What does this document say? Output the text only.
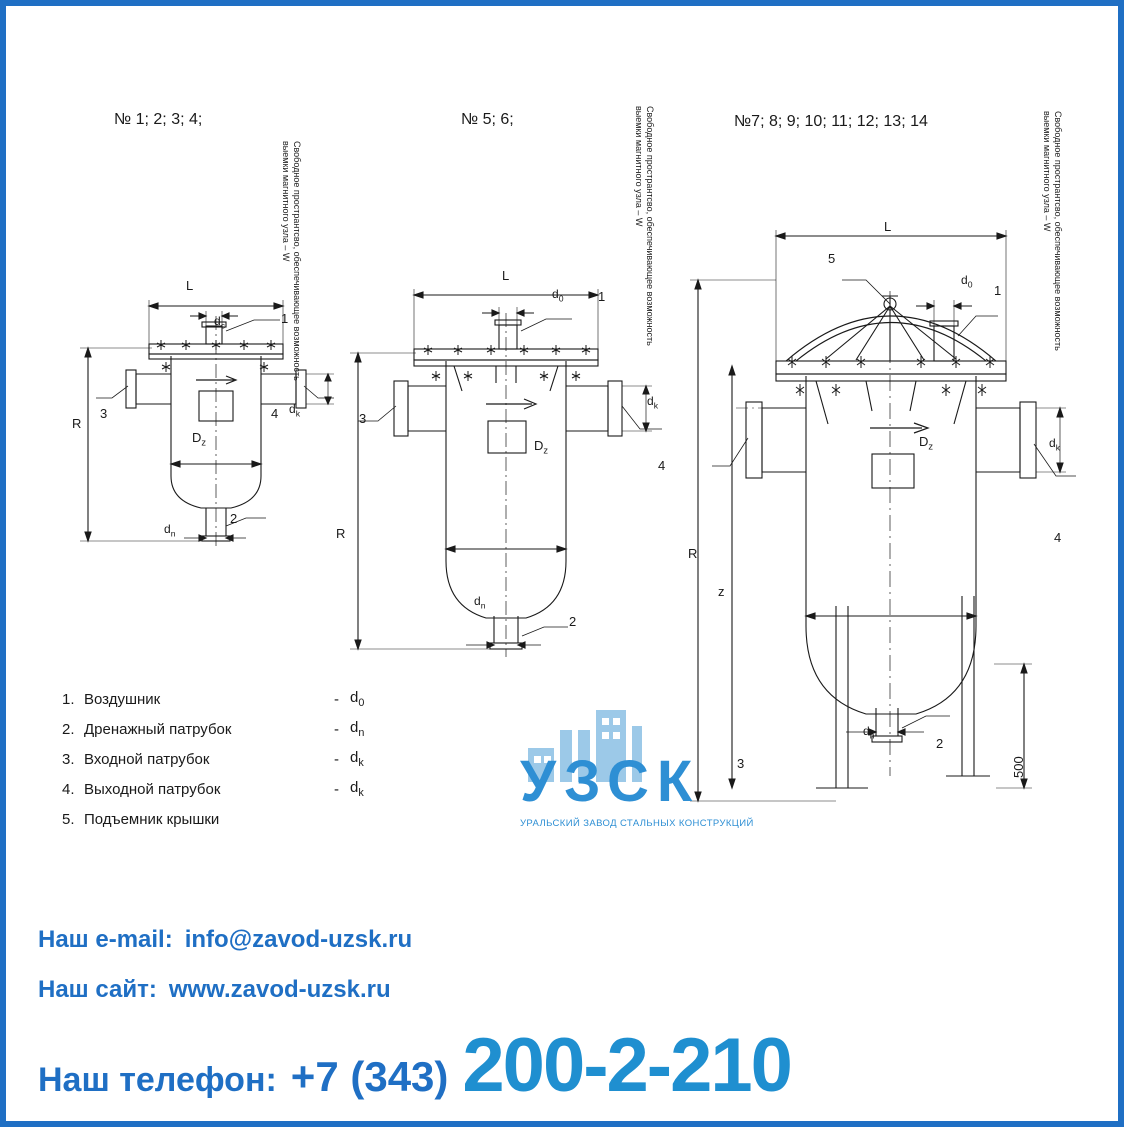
№ 1; 2; 3; 4;
L
R
$D_z$
$d_c$
$d_n$
$d_k$
1
2
3	4
Свободное пространтсво, обеспечивающее возможность выемки магнитного узла – W
№ 5; 6;
L
R
$D_z$
$d_0$
$d_n$
$d_k$
1
2
3
4
Свободное пространтсво, обеспечивающее возможность выемки магнитного узла – W	№7; 8; 9; 10; 11; 12; 13; 14
L
R
z
$D_z$
$d_0$
$d_n$
$d_k$
500
1
2
3
4
5	Свободное пространтсво, обеспечивающее возможность выемки магнитного узла – W
1. Воздушник	- $d_0$
2. Дренажный патрубок	- $d_n$
3. Входной патрубок	- $d_k$
4. Выходной патрубок	- $d_k$
5. Подъемник крышки
УЗСК
УРАЛЬСКИЙ ЗАВОД СТАЛЬНЫХ КОНСТРУКЦИЙ
Наш e-mail: info@zavod-uzsk.ru
Наш сайт: www.zavod-uzsk.ru
Наш телефон: +7 (343) 200-2-210
